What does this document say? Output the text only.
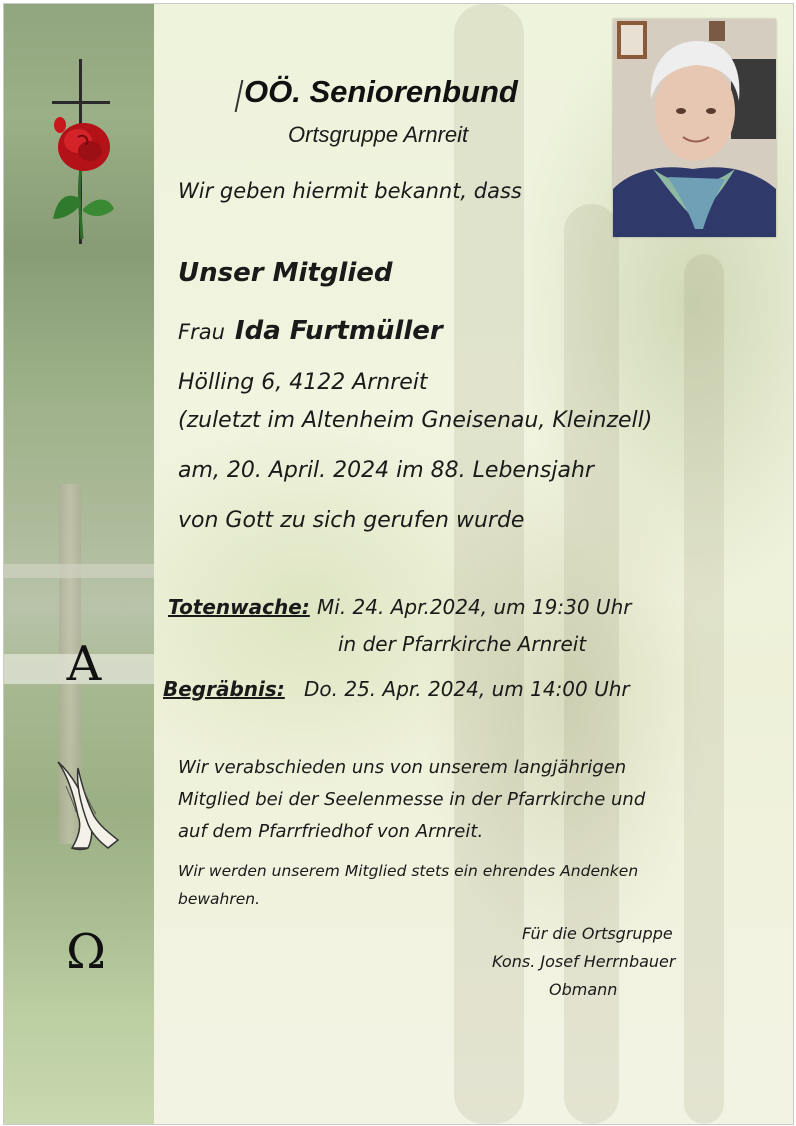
A
Ω
OÖ. Seniorenbund
Ortsgruppe Arnreit
Wir geben hiermit bekannt, dass
Unser Mitglied
Frau Ida Furtmüller
Hölling 6, 4122 Arnreit
(zuletzt im Altenheim Gneisenau, Kleinzell)
am, 20. April. 2024 im 88. Lebensjahr
von Gott zu sich gerufen wurde
Totenwache: Mi. 24. Apr.2024, um 19:30 Uhr
in der Pfarrkirche Arnreit
Begräbnis: Do. 25. Apr. 2024, um 14:00 Uhr
Wir verabschieden uns von unserem langjährigen
Mitglied bei der Seelenmesse in der Pfarrkirche und
auf dem Pfarrfriedhof von Arnreit.
Wir werden unserem Mitglied stets ein ehrendes Andenken
bewahren.
Für die Ortsgruppe
Kons. Josef Herrnbauer
Obmann
